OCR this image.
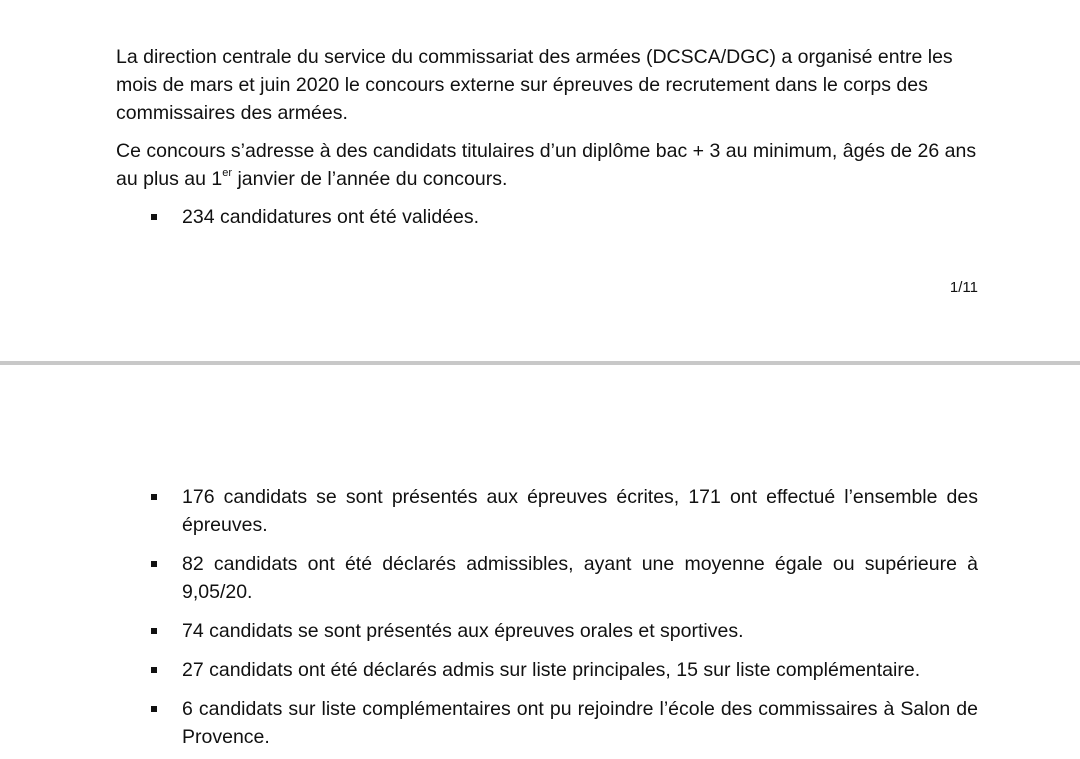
La direction centrale du service du commissariat des armées (DCSCA/DGC) a organisé entre les mois de mars et juin 2020 le concours externe sur épreuves de recrutement dans le corps des commissaires des armées.

Ce concours s’adresse à des candidats titulaires d’un diplôme bac + 3 au minimum, âgés de 26 ans au plus au 1er janvier de l’année du concours.

234 candidatures ont été validées.
1/11
176 candidats se sont présentés aux épreuves écrites, 171 ont effectué l’ensemble des épreuves.
82 candidats ont été déclarés admissibles, ayant une moyenne égale ou supérieure à 9,05/20.
74 candidats se sont présentés aux épreuves orales et sportives.
27 candidats ont été déclarés admis sur liste principales, 15 sur liste complémentaire.
6 candidats sur liste complémentaires ont pu rejoindre l’école des commissaires à Salon de Provence.
